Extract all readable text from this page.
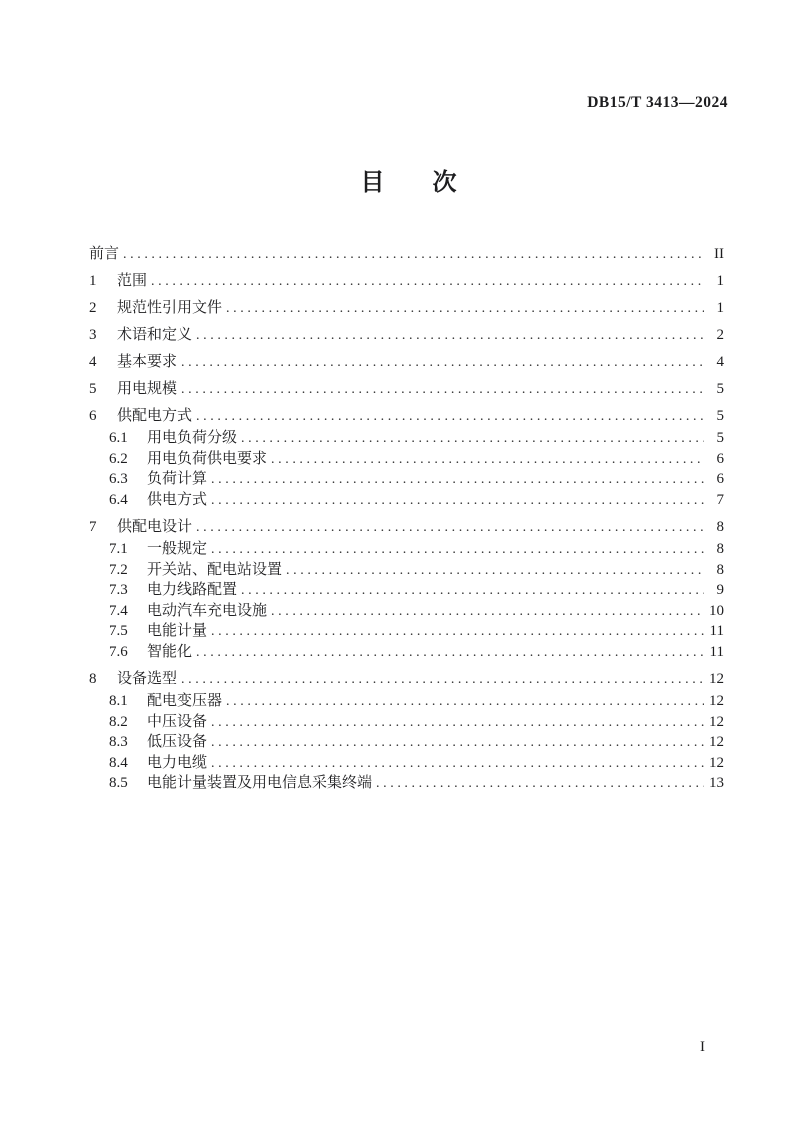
DB15/T 3413—2024
目　　次
前言 .....	II
1	范围 .....	1
2	规范性引用文件 .....	1
3	术语和定义 .....	2
4	基本要求 .....	4
5	用电规模 .....	5
6	供配电方式 .....	5
6.1	用电负荷分级 .....	5
6.2	用电负荷供电要求 .....	6
6.3	负荷计算 .....	6
6.4	供电方式 .....	7
7	供配电设计 .....	8
7.1	一般规定 .....	8
7.2	开关站、配电站设置 .....	8
7.3	电力线路配置 .....	9
7.4	电动汽车充电设施 .....	10
7.5	电能计量 .....	11
7.6	智能化 .....	11
8	设备选型 .....	12
8.1	配电变压器 .....	12
8.2	中压设备 .....	12
8.3	低压设备 .....	12
8.4	电力电缆 .....	12
8.5	电能计量装置及用电信息采集终端 .....	13
I
